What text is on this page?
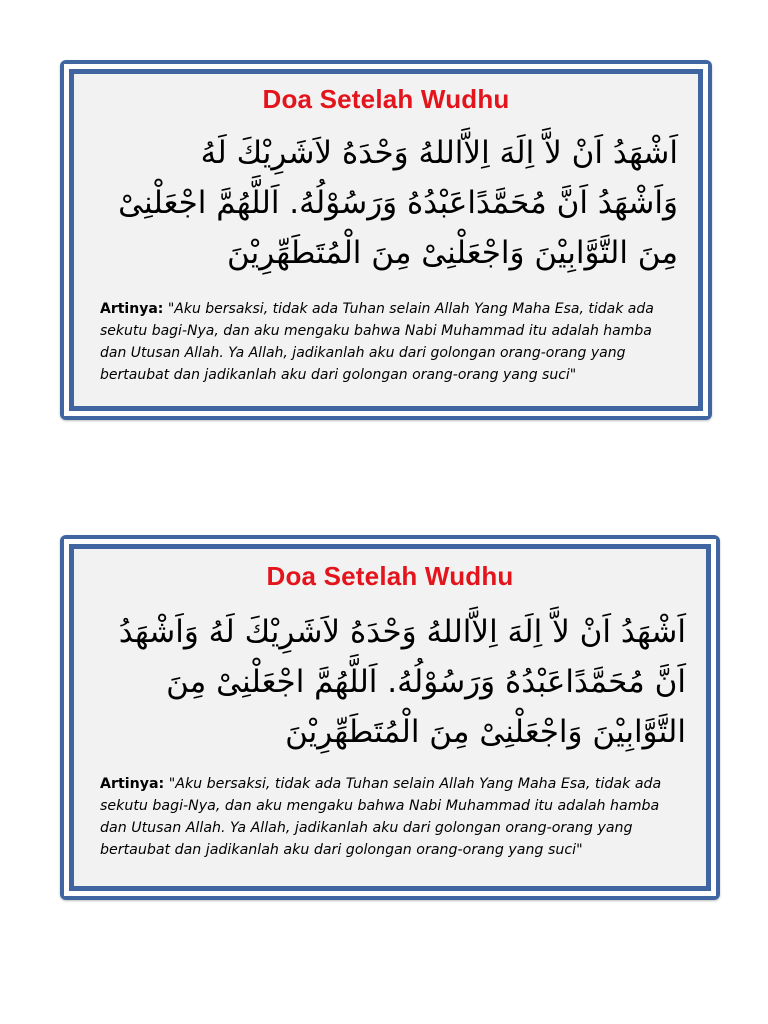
Doa Setelah Wudhu
اَشْهَدُ اَنْ لاَّ اِلَهَ اِلاَّاللهُ وَحْدَهُ لاَشَرِيْكَ لَهُ وَاَشْهَدُ اَنَّ مُحَمَّدًاعَبْدُهُ وَرَسُوْلُهُ. اَللَّهُمَّ اجْعَلْنِىْ مِنَ التَّوَّابِيْنَ وَاجْعَلْنِىْ مِنَ الْمُتَطَهِّرِيْنَ
Artinya: "Aku bersaksi, tidak ada Tuhan selain Allah Yang Maha Esa, tidak ada sekutu bagi-Nya, dan aku mengaku bahwa Nabi Muhammad itu adalah hamba dan Utusan Allah. Ya Allah, jadikanlah aku dari golongan orang-orang yang bertaubat dan jadikanlah aku dari golongan orang-orang yang suci"
Doa Setelah Wudhu
اَشْهَدُ اَنْ لاَّ اِلَهَ اِلاَّاللهُ وَحْدَهُ لاَشَرِيْكَ لَهُ وَاَشْهَدُ اَنَّ مُحَمَّدًاعَبْدُهُ وَرَسُوْلُهُ. اَللَّهُمَّ اجْعَلْنِىْ مِنَ التَّوَّابِيْنَ وَاجْعَلْنِىْ مِنَ الْمُتَطَهِّرِيْنَ
Artinya: "Aku bersaksi, tidak ada Tuhan selain Allah Yang Maha Esa, tidak ada sekutu bagi-Nya, dan aku mengaku bahwa Nabi Muhammad itu adalah hamba dan Utusan Allah. Ya Allah, jadikanlah aku dari golongan orang-orang yang bertaubat dan jadikanlah aku dari golongan orang-orang yang suci"
